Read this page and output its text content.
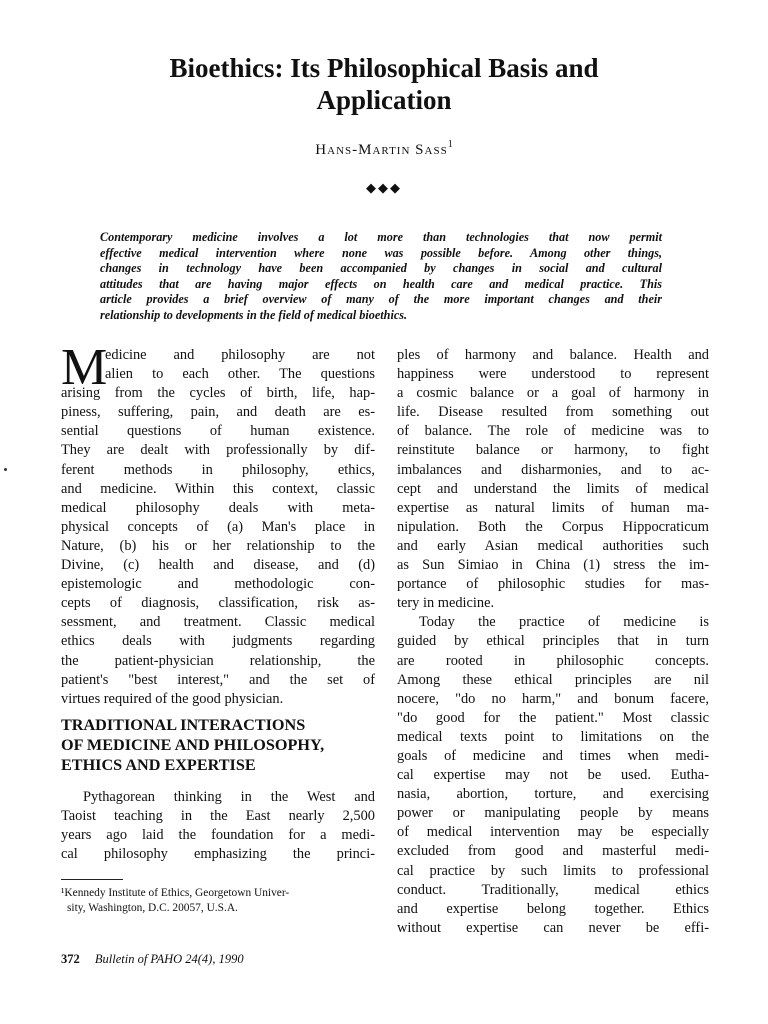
Bioethics: Its Philosophical Basis and
Application
Hans-Martin Sass$^1$
◆◆◆
Contemporary medicine involves a lot more than technologies that now permit
effective medical intervention where none was possible before. Among other things,
changes in technology have been accompanied by changes in social and cultural
attitudes that are having major effects on health care and medical practice. This
article provides a brief overview of many of the more important changes and their
relationship to developments in the field of medical bioethics.
M
edicine and philosophy are not
alien to each other. The questions
arising from the cycles of birth, life, hap-
piness, suffering, pain, and death are es-
sential questions of human existence.
They are dealt with professionally by dif-
ferent methods in philosophy, ethics,
and medicine. Within this context, classic
medical philosophy deals with meta-
physical concepts of (a) Man's place in
Nature, (b) his or her relationship to the
Divine, (c) health and disease, and (d)
epistemologic and methodologic con-
cepts of diagnosis, classification, risk as-
sessment, and treatment. Classic medical
ethics deals with judgments regarding
the patient-physician relationship, the
patient's "best interest," and the set of
virtues required of the good physician.
TRADITIONAL INTERACTIONS
OF MEDICINE AND PHILOSOPHY,
ETHICS AND EXPERTISE
Pythagorean thinking in the West and
Taoist teaching in the East nearly 2,500
years ago laid the foundation for a medi-
cal philosophy emphasizing the princi-
¹Kennedy Institute of Ethics, Georgetown Univer-
sity, Washington, D.C. 20057, U.S.A.
ples of harmony and balance. Health and
happiness were understood to represent
a cosmic balance or a goal of harmony in
life. Disease resulted from something out
of balance. The role of medicine was to
reinstitute balance or harmony, to fight
imbalances and disharmonies, and to ac-
cept and understand the limits of medical
expertise as natural limits of human ma-
nipulation. Both the Corpus Hippocraticum
and early Asian medical authorities such
as Sun Simiao in China (1) stress the im-
portance of philosophic studies for mas-
tery in medicine.
Today the practice of medicine is
guided by ethical principles that in turn
are rooted in philosophic concepts.
Among these ethical principles are nil
nocere, "do no harm," and bonum facere,
"do good for the patient." Most classic
medical texts point to limitations on the
goals of medicine and times when medi-
cal expertise may not be used. Eutha-
nasia, abortion, torture, and exercising
power or manipulating people by means
of medical intervention may be especially
excluded from good and masterful medi-
cal practice by such limits to professional
conduct. Traditionally, medical ethics
and expertise belong together. Ethics
without expertise can never be effi-
372 Bulletin of PAHO 24(4), 1990
